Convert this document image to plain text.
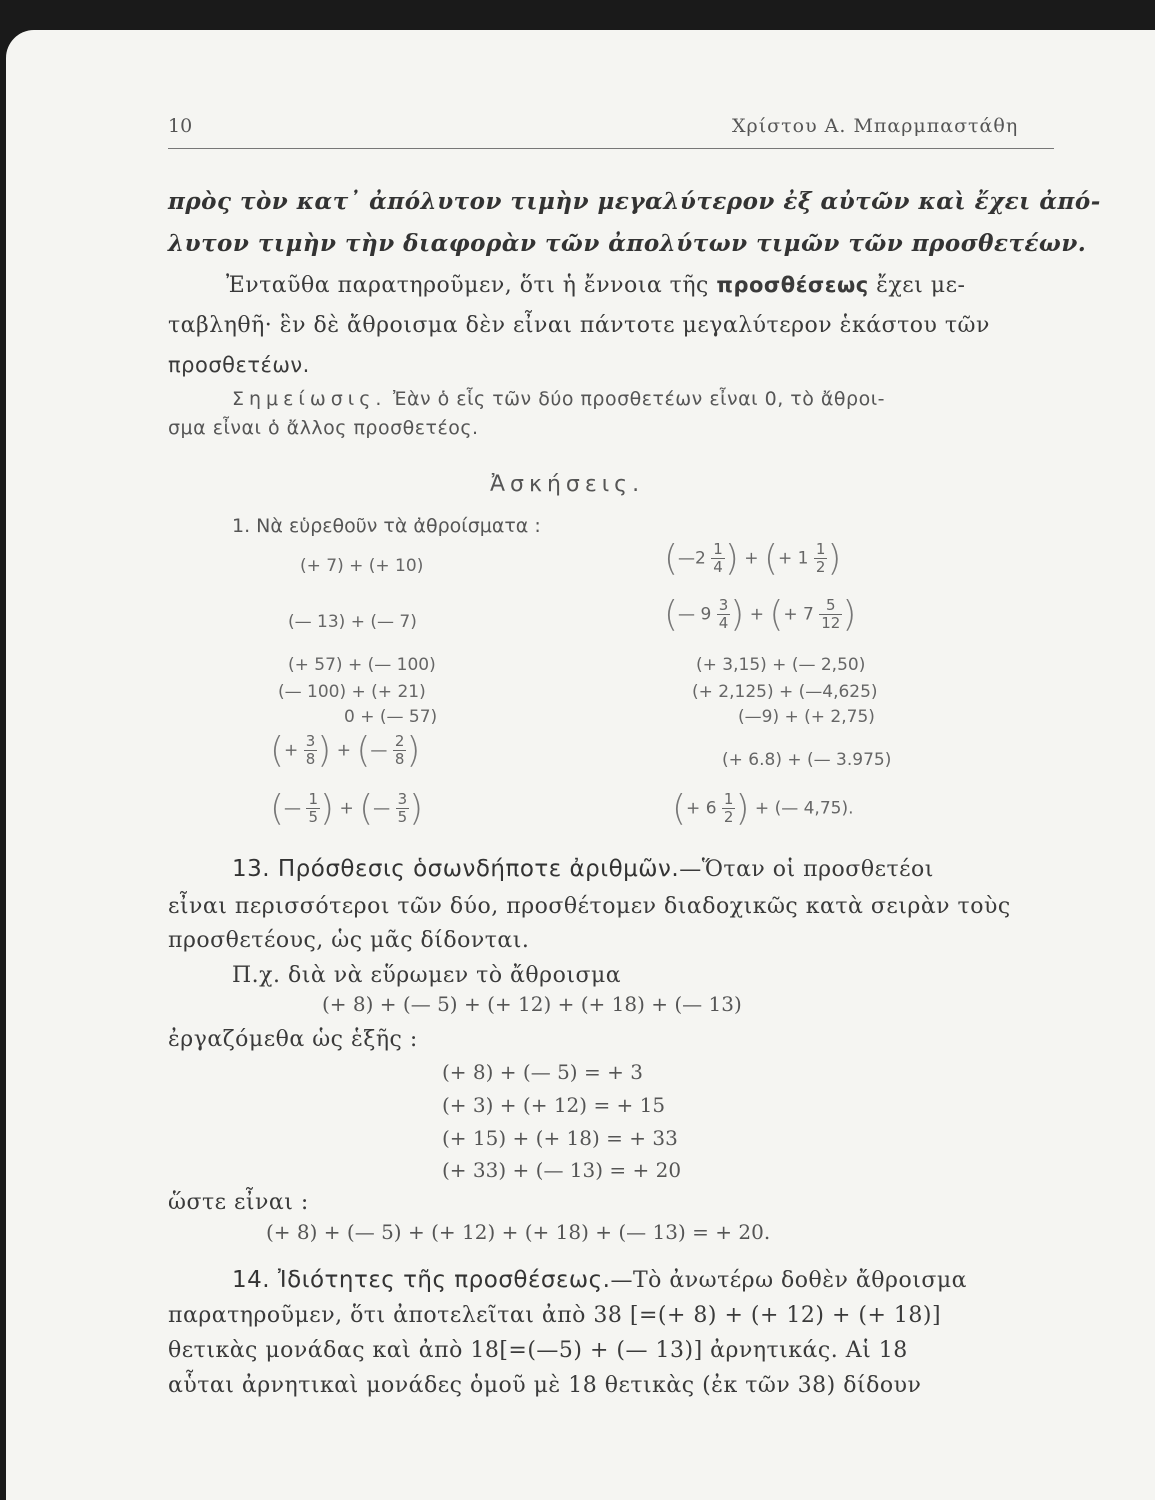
10	Χρίστου Α. Μπαρμπαστάθη
πρὸς τὸν κατ᾽ ἀπόλυτον τιμὴν μεγαλύτερον ἐξ αὐτῶν καὶ ἔχει ἀπό-
λυτον τιμὴν τὴν διαφορὰν τῶν ἀπολύτων τιμῶν τῶν προσθετέων.
Ἐνταῦθα παρατηροῦμεν, ὅτι ἡ ἔννοια τῆς προσθέσεως ἔχει με-
ταβληθῆ· ἓν δὲ ἄθροισμα δὲν εἶναι πάντοτε μεγαλύτερον ἑκάστου τῶν
προσθετέων.
Σημείωσις. Ἐὰν ὁ εἷς τῶν δύο προσθετέων εἶναι 0, τὸ ἄθροι-
σμα εἶναι ὁ ἄλλος προσθετέος.
Ἀσκήσεις.
1. Νὰ εὑρεθοῦν τὰ ἀθροίσματα :
(+ 7) + (+ 10)
(— 13) + (— 7)
(+ 57) + (— 100)
(— 100) + (+ 21)
0 + (— 57)
(+ $\frac{3}{8}$ ) + (— $\frac{2}{8}$ )
(— $\frac{1}{5}$ ) + (— $\frac{3}{5}$ )
(—2 $\frac{1}{4}$ ) + (+ $1 \frac{1}{2}$ )
(— $9 \frac{3}{4}$ ) + (+ $7 \frac{5}{12}$ )
(+ 3,15) + (— 2,50)
(+ 2,125) + (—4,625)
(—9) + (+ 2,75)
(+ 6.8) + (— 3.975)
(+ $6 \frac{1}{2}$ ) + (— 4,75).
13. Πρόσθεσις ὁσωνδήποτε ἀριθμῶν.—Ὅταν οἱ προσθετέοι
εἶναι περισσότεροι τῶν δύο, προσθέτομεν διαδοχικῶς κατὰ σειρὰν τοὺς
προσθετέους, ὡς μᾶς δίδονται.
Π.χ. διὰ νὰ εὕρωμεν τὸ ἄθροισμα
(+ 8) + (— 5) + (+ 12) + (+ 18) + (— 13)
ἐργαζόμεθα ὡς ἑξῆς :
(+ 8) + (— 5) = + 3
(+ 3) + (+ 12) = + 15
(+ 15) + (+ 18) = + 33
(+ 33) + (— 13) = + 20
ὥστε εἶναι :
(+ 8) + (— 5) + (+ 12) + (+ 18) + (— 13) = + 20.
14. Ἰδιότητες τῆς προσθέσεως.—Τὸ ἀνωτέρω δοθὲν ἄθροισμα
παρατηροῦμεν, ὅτι ἀποτελεῖται ἀπὸ 38 [=(+ 8) + (+ 12) + (+ 18)]
θετικὰς μονάδας καὶ ἀπὸ 18[=(—5) + (— 13)] ἀρνητικάς. Αἱ 18
αὗται ἀρνητικαὶ μονάδες ὁμοῦ μὲ 18 θετικὰς (ἐκ τῶν 38) δίδουν
